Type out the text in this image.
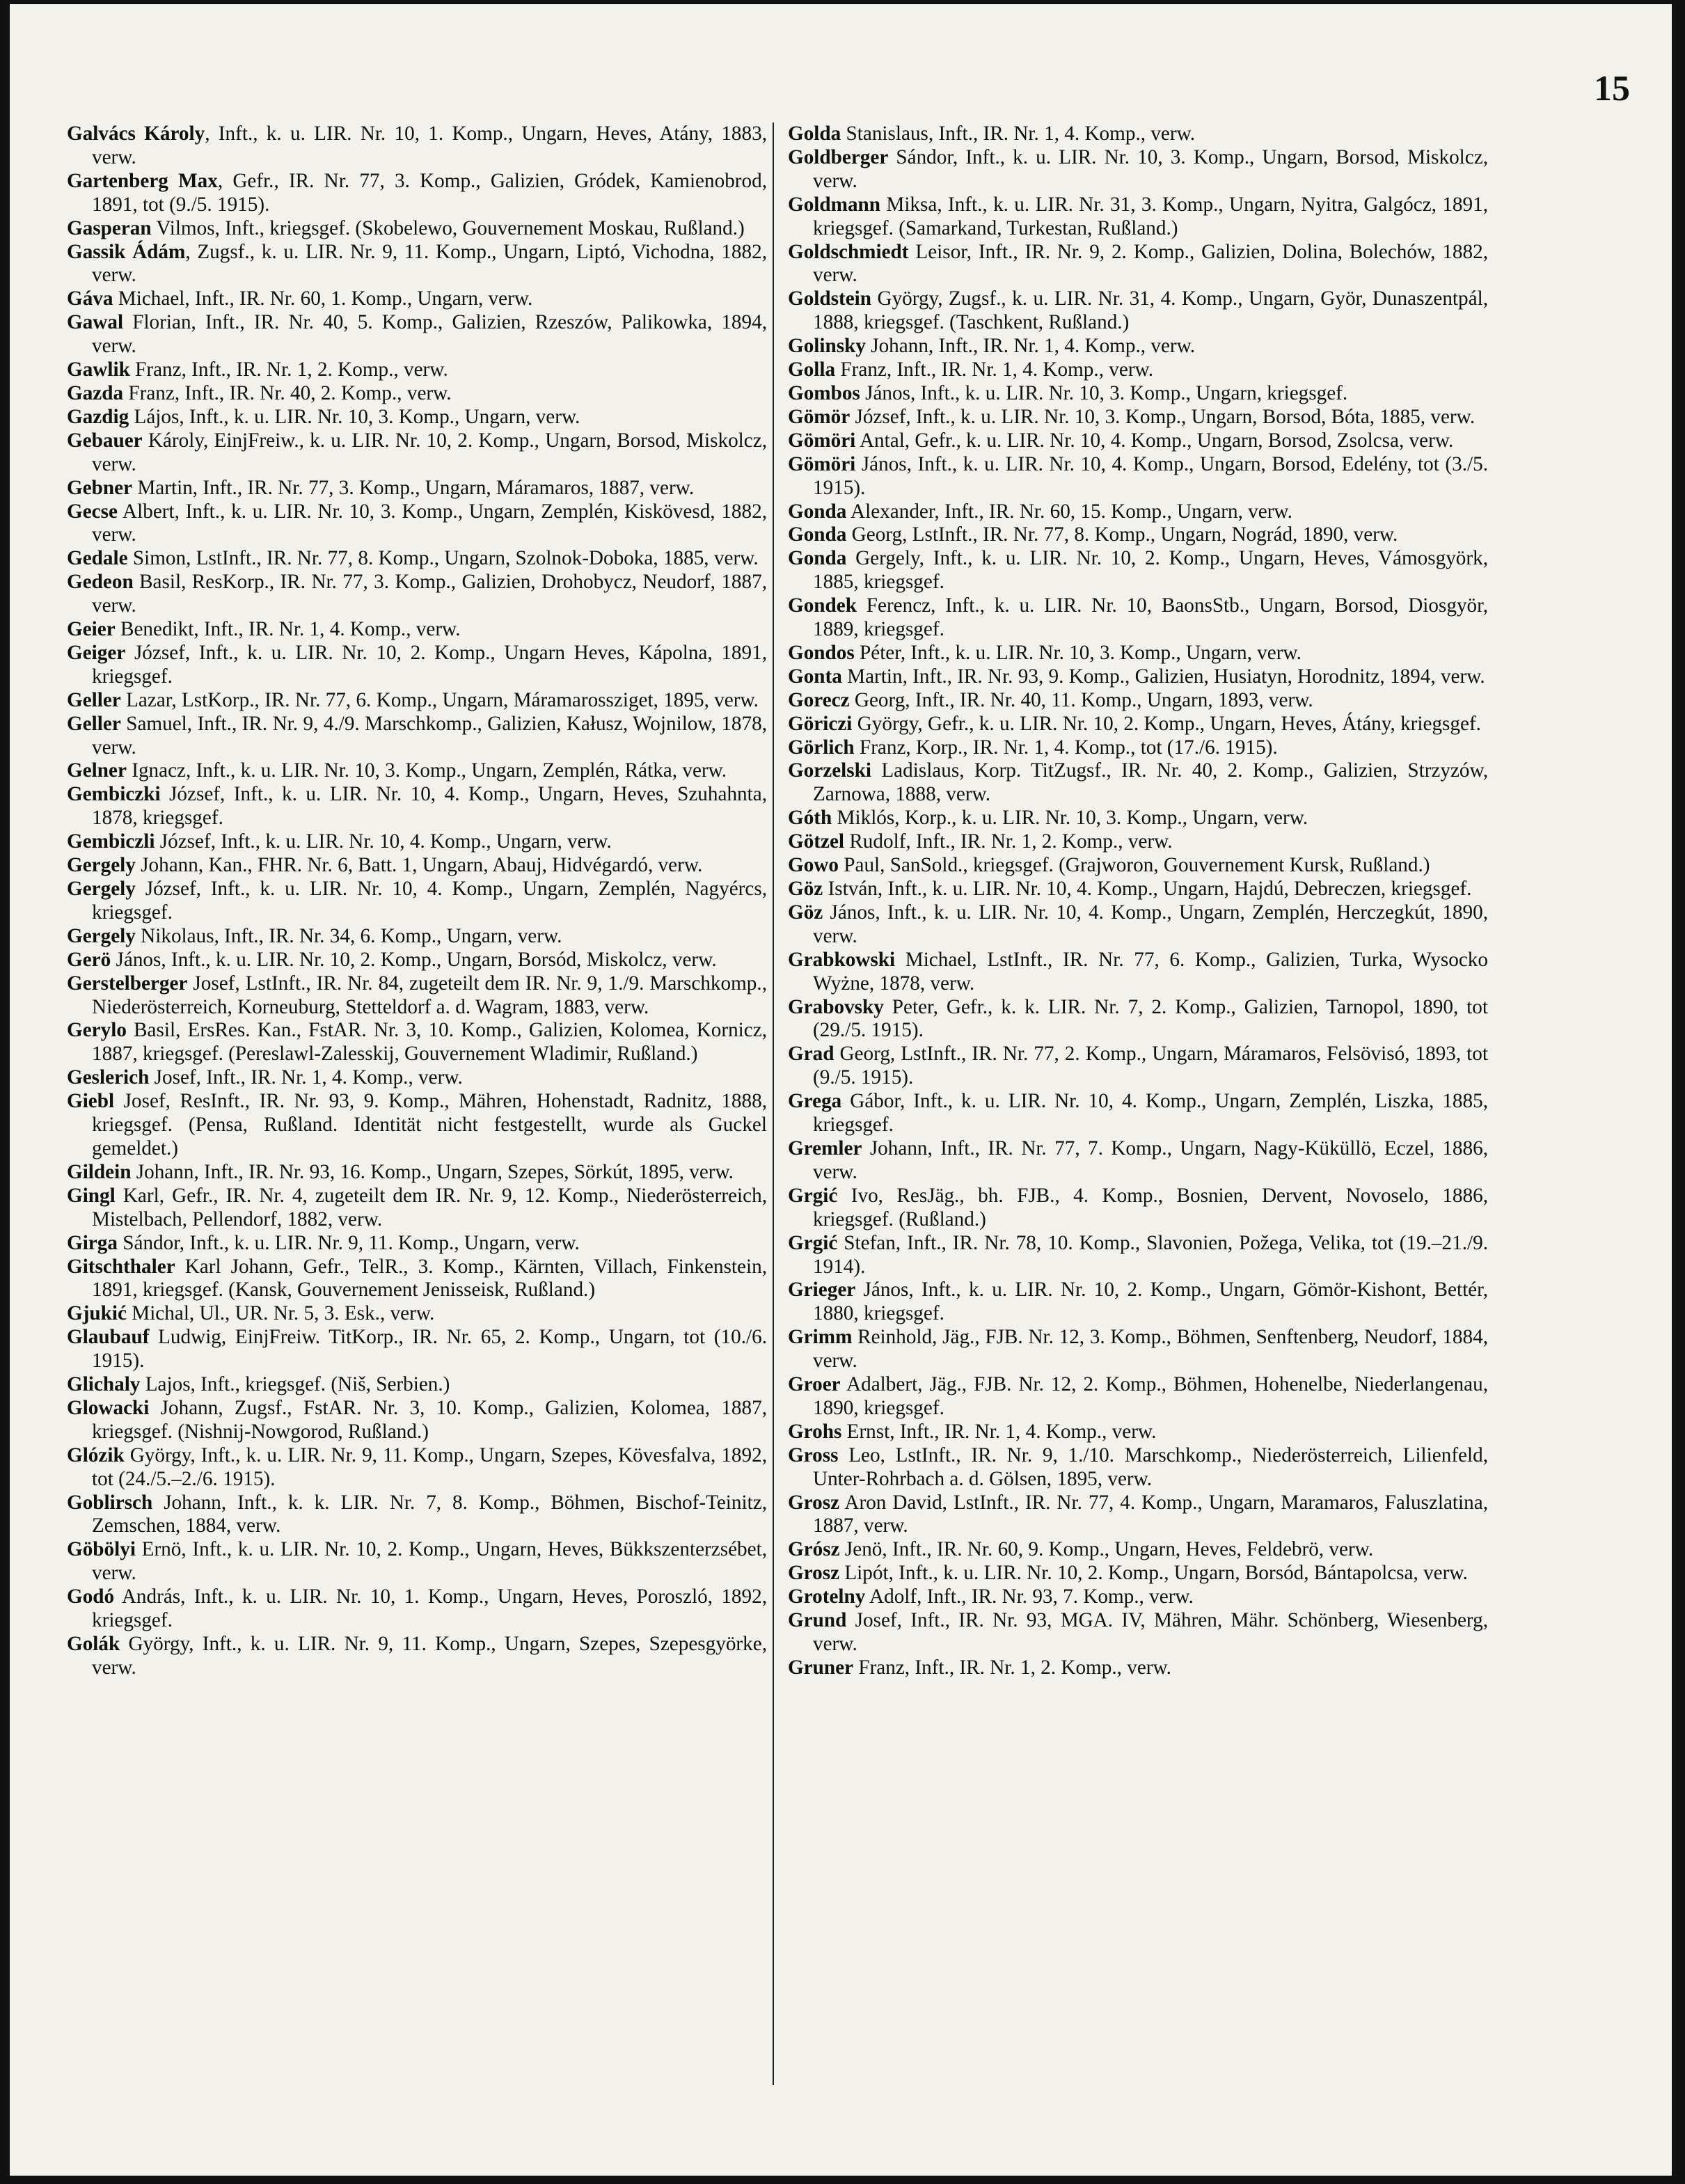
15

Galvács Károly, Inft., k. u. LIR. Nr. 10, 1. Komp., Ungarn, Heves, Atány, 1883, verw.

Gartenberg Max, Gefr., IR. Nr. 77, 3. Komp., Galizien, Gródek, Kamienobrod, 1891, tot (9./5. 1915).

Gasperan Vilmos, Inft., kriegsgef. (Skobelewo, Gouvernement Moskau, Rußland.)

Gassik Ádám, Zugsf., k. u. LIR. Nr. 9, 11. Komp., Ungarn, Liptó, Vichodna, 1882, verw.

Gáva Michael, Inft., IR. Nr. 60, 1. Komp., Ungarn, verw.

Gawal Florian, Inft., IR. Nr. 40, 5. Komp., Galizien, Rzeszów, Palikowka, 1894, verw.

Gawlik Franz, Inft., IR. Nr. 1, 2. Komp., verw.

Gazda Franz, Inft., IR. Nr. 40, 2. Komp., verw.

Gazdig Lájos, Inft., k. u. LIR. Nr. 10, 3. Komp., Ungarn, verw.

Gebauer Károly, EinjFreiw., k. u. LIR. Nr. 10, 2. Komp., Ungarn, Borsod, Miskolcz, verw.

Gebner Martin, Inft., IR. Nr. 77, 3. Komp., Ungarn, Máramaros, 1887, verw.

Gecse Albert, Inft., k. u. LIR. Nr. 10, 3. Komp., Ungarn, Zemplén, Kiskövesd, 1882, verw.

Gedale Simon, LstInft., IR. Nr. 77, 8. Komp., Ungarn, Szolnok-Doboka, 1885, verw.

Gedeon Basil, ResKorp., IR. Nr. 77, 3. Komp., Galizien, Drohobycz, Neudorf, 1887, verw.

Geier Benedikt, Inft., IR. Nr. 1, 4. Komp., verw.

Geiger József, Inft., k. u. LIR. Nr. 10, 2. Komp., Ungarn Heves, Kápolna, 1891, kriegsgef.

Geller Lazar, LstKorp., IR. Nr. 77, 6. Komp., Ungarn, Máramarossziget, 1895, verw.

Geller Samuel, Inft., IR. Nr. 9, 4./9. Marschkomp., Galizien, Kałusz, Wojnilow, 1878, verw.

Gelner Ignacz, Inft., k. u. LIR. Nr. 10, 3. Komp., Ungarn, Zemplén, Rátka, verw.

Gembiczki József, Inft., k. u. LIR. Nr. 10, 4. Komp., Ungarn, Heves, Szuhahnta, 1878, kriegsgef.

Gembiczli József, Inft., k. u. LIR. Nr. 10, 4. Komp., Ungarn, verw.

Gergely Johann, Kan., FHR. Nr. 6, Batt. 1, Ungarn, Abauj, Hidvégardó, verw.

Gergely József, Inft., k. u. LIR. Nr. 10, 4. Komp., Ungarn, Zemplén, Nagyércs, kriegsgef.

Gergely Nikolaus, Inft., IR. Nr. 34, 6. Komp., Ungarn, verw.

Gerö János, Inft., k. u. LIR. Nr. 10, 2. Komp., Ungarn, Borsód, Miskolcz, verw.

Gerstelberger Josef, LstInft., IR. Nr. 84, zugeteilt dem IR. Nr. 9, 1./9. Marschkomp., Niederösterreich, Korneuburg, Stetteldorf a. d. Wagram, 1883, verw.

Gerylo Basil, ErsRes. Kan., FstAR. Nr. 3, 10. Komp., Galizien, Kolomea, Kornicz, 1887, kriegsgef. (Pereslawl-Zalesskij, Gouvernement Wladimir, Rußland.)

Geslerich Josef, Inft., IR. Nr. 1, 4. Komp., verw.

Giebl Josef, ResInft., IR. Nr. 93, 9. Komp., Mähren, Hohenstadt, Radnitz, 1888, kriegsgef. (Pensa, Rußland. Identität nicht festgestellt, wurde als Guckel gemeldet.)

Gildein Johann, Inft., IR. Nr. 93, 16. Komp., Ungarn, Szepes, Sörkút, 1895, verw.

Gingl Karl, Gefr., IR. Nr. 4, zugeteilt dem IR. Nr. 9, 12. Komp., Niederösterreich, Mistelbach, Pellendorf, 1882, verw.

Girga Sándor, Inft., k. u. LIR. Nr. 9, 11. Komp., Ungarn, verw.

Gitschthaler Karl Johann, Gefr., TelR., 3. Komp., Kärnten, Villach, Finkenstein, 1891, kriegsgef. (Kansk, Gouvernement Jenisseisk, Rußland.)

Gjukić Michal, Ul., UR. Nr. 5, 3. Esk., verw.

Glaubauf Ludwig, EinjFreiw. TitKorp., IR. Nr. 65, 2. Komp., Ungarn, tot (10./6. 1915).

Glichaly Lajos, Inft., kriegsgef. (Niš, Serbien.)

Glowacki Johann, Zugsf., FstAR. Nr. 3, 10. Komp., Galizien, Kolomea, 1887, kriegsgef. (Nishnij-Nowgorod, Rußland.)

Glózik György, Inft., k. u. LIR. Nr. 9, 11. Komp., Ungarn, Szepes, Kövesfalva, 1892, tot (24./5.–2./6. 1915).

Goblirsch Johann, Inft., k. k. LIR. Nr. 7, 8. Komp., Böhmen, Bischof-Teinitz, Zemschen, 1884, verw.

Göbölyi Ernö, Inft., k. u. LIR. Nr. 10, 2. Komp., Ungarn, Heves, Bükkszenterzsébet, verw.

Godó András, Inft., k. u. LIR. Nr. 10, 1. Komp., Ungarn, Heves, Poroszló, 1892, kriegsgef.

Golák György, Inft., k. u. LIR. Nr. 9, 11. Komp., Ungarn, Szepes, Szepesgyörke, verw.

Golda Stanislaus, Inft., IR. Nr. 1, 4. Komp., verw.

Goldberger Sándor, Inft., k. u. LIR. Nr. 10, 3. Komp., Ungarn, Borsod, Miskolcz, verw.

Goldmann Miksa, Inft., k. u. LIR. Nr. 31, 3. Komp., Ungarn, Nyitra, Galgócz, 1891, kriegsgef. (Samarkand, Turkestan, Rußland.)

Goldschmiedt Leisor, Inft., IR. Nr. 9, 2. Komp., Galizien, Dolina, Bolechów, 1882, verw.

Goldstein György, Zugsf., k. u. LIR. Nr. 31, 4. Komp., Ungarn, Györ, Dunaszentpál, 1888, kriegsgef. (Taschkent, Rußland.)

Golinsky Johann, Inft., IR. Nr. 1, 4. Komp., verw.

Golla Franz, Inft., IR. Nr. 1, 4. Komp., verw.

Gombos János, Inft., k. u. LIR. Nr. 10, 3. Komp., Ungarn, kriegsgef.

Gömör József, Inft., k. u. LIR. Nr. 10, 3. Komp., Ungarn, Borsod, Bóta, 1885, verw.

Gömöri Antal, Gefr., k. u. LIR. Nr. 10, 4. Komp., Ungarn, Borsod, Zsolcsa, verw.

Gömöri János, Inft., k. u. LIR. Nr. 10, 4. Komp., Ungarn, Borsod, Edelény, tot (3./5. 1915).

Gonda Alexander, Inft., IR. Nr. 60, 15. Komp., Ungarn, verw.

Gonda Georg, LstInft., IR. Nr. 77, 8. Komp., Ungarn, Nográd, 1890, verw.

Gonda Gergely, Inft., k. u. LIR. Nr. 10, 2. Komp., Ungarn, Heves, Vámosgyörk, 1885, kriegsgef.

Gondek Ferencz, Inft., k. u. LIR. Nr. 10, BaonsStb., Ungarn, Borsod, Diosgyör, 1889, kriegsgef.

Gondos Péter, Inft., k. u. LIR. Nr. 10, 3. Komp., Ungarn, verw.

Gonta Martin, Inft., IR. Nr. 93, 9. Komp., Galizien, Husiatyn, Horodnitz, 1894, verw.

Gorecz Georg, Inft., IR. Nr. 40, 11. Komp., Ungarn, 1893, verw.

Göriczi György, Gefr., k. u. LIR. Nr. 10, 2. Komp., Ungarn, Heves, Átány, kriegsgef.

Görlich Franz, Korp., IR. Nr. 1, 4. Komp., tot (17./6. 1915).

Gorzelski Ladislaus, Korp. TitZugsf., IR. Nr. 40, 2. Komp., Galizien, Strzyzów, Zarnowa, 1888, verw.

Góth Miklós, Korp., k. u. LIR. Nr. 10, 3. Komp., Ungarn, verw.

Götzel Rudolf, Inft., IR. Nr. 1, 2. Komp., verw.

Gowo Paul, SanSold., kriegsgef. (Grajworon, Gouvernement Kursk, Rußland.)

Göz István, Inft., k. u. LIR. Nr. 10, 4. Komp., Ungarn, Hajdú, Debreczen, kriegsgef.

Göz János, Inft., k. u. LIR. Nr. 10, 4. Komp., Ungarn, Zemplén, Herczegkút, 1890, verw.

Grabkowski Michael, LstInft., IR. Nr. 77, 6. Komp., Galizien, Turka, Wysocko Wyżne, 1878, verw.

Grabovsky Peter, Gefr., k. k. LIR. Nr. 7, 2. Komp., Galizien, Tarnopol, 1890, tot (29./5. 1915).

Grad Georg, LstInft., IR. Nr. 77, 2. Komp., Ungarn, Máramaros, Felsövisó, 1893, tot (9./5. 1915).

Grega Gábor, Inft., k. u. LIR. Nr. 10, 4. Komp., Ungarn, Zemplén, Liszka, 1885, kriegsgef.

Gremler Johann, Inft., IR. Nr. 77, 7. Komp., Ungarn, Nagy-Küküllö, Eczel, 1886, verw.

Grgić Ivo, ResJäg., bh. FJB., 4. Komp., Bosnien, Dervent, Novoselo, 1886, kriegsgef. (Rußland.)

Grgić Stefan, Inft., IR. Nr. 78, 10. Komp., Slavonien, Požega, Velika, tot (19.–21./9. 1914).

Grieger János, Inft., k. u. LIR. Nr. 10, 2. Komp., Ungarn, Gömör-Kishont, Bettér, 1880, kriegsgef.

Grimm Reinhold, Jäg., FJB. Nr. 12, 3. Komp., Böhmen, Senftenberg, Neudorf, 1884, verw.

Groer Adalbert, Jäg., FJB. Nr. 12, 2. Komp., Böhmen, Hohenelbe, Niederlangenau, 1890, kriegsgef.

Grohs Ernst, Inft., IR. Nr. 1, 4. Komp., verw.

Gross Leo, LstInft., IR. Nr. 9, 1./10. Marschkomp., Niederösterreich, Lilienfeld, Unter-Rohrbach a. d. Gölsen, 1895, verw.

Grosz Aron David, LstInft., IR. Nr. 77, 4. Komp., Ungarn, Maramaros, Faluszlatina, 1887, verw.

Grósz Jenö, Inft., IR. Nr. 60, 9. Komp., Ungarn, Heves, Feldebrö, verw.

Grosz Lipót, Inft., k. u. LIR. Nr. 10, 2. Komp., Ungarn, Borsód, Bántapolcsa, verw.

Grotelny Adolf, Inft., IR. Nr. 93, 7. Komp., verw.

Grund Josef, Inft., IR. Nr. 93, MGA. IV, Mähren, Mähr. Schönberg, Wiesenberg, verw.

Gruner Franz, Inft., IR. Nr. 1, 2. Komp., verw.
